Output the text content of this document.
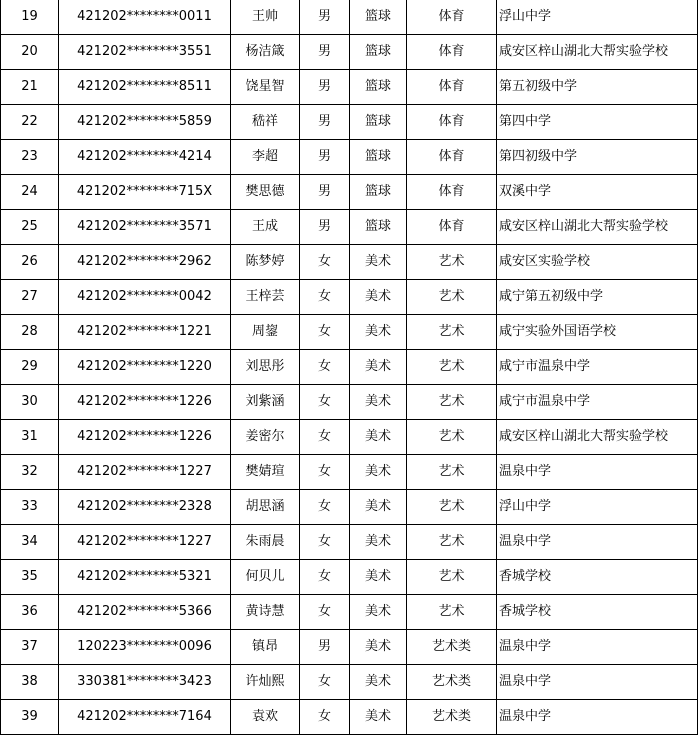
19	421202********0011	王帅	男	篮球	体育	浮山中学
20	421202********3551	杨洁箴	男	篮球	体育	咸安区梓山湖北大帮实验学校
21	421202********8511	饶星智	男	篮球	体育	第五初级中学
22	421202********5859	嵇祥	男	篮球	体育	第四中学
23	421202********4214	李超	男	篮球	体育	第四初级中学
24	421202********715X	樊思德	男	篮球	体育	双溪中学
25	421202********3571	王成	男	篮球	体育	咸安区梓山湖北大帮实验学校
26	421202********2962	陈梦婷	女	美术	艺术	咸安区实验学校
27	421202********0042	王梓芸	女	美术	艺术	咸宁第五初级中学
28	421202********1221	周鋆	女	美术	艺术	咸宁实验外国语学校
29	421202********1220	刘思彤	女	美术	艺术	咸宁市温泉中学
30	421202********1226	刘紫涵	女	美术	艺术	咸宁市温泉中学
31	421202********1226	姜密尔	女	美术	艺术	咸安区梓山湖北大帮实验学校
32	421202********1227	樊婧瑄	女	美术	艺术	温泉中学
33	421202********2328	胡思涵	女	美术	艺术	浮山中学
34	421202********1227	朱雨晨	女	美术	艺术	温泉中学
35	421202********5321	何贝儿	女	美术	艺术	香城学校
36	421202********5366	黄诗慧	女	美术	艺术	香城学校
37	120223********0096	镇昂	男	美术	艺术类	温泉中学
38	330381********3423	许灿熙	女	美术	艺术类	温泉中学
39	421202********7164	袁欢	女	美术	艺术类	温泉中学
